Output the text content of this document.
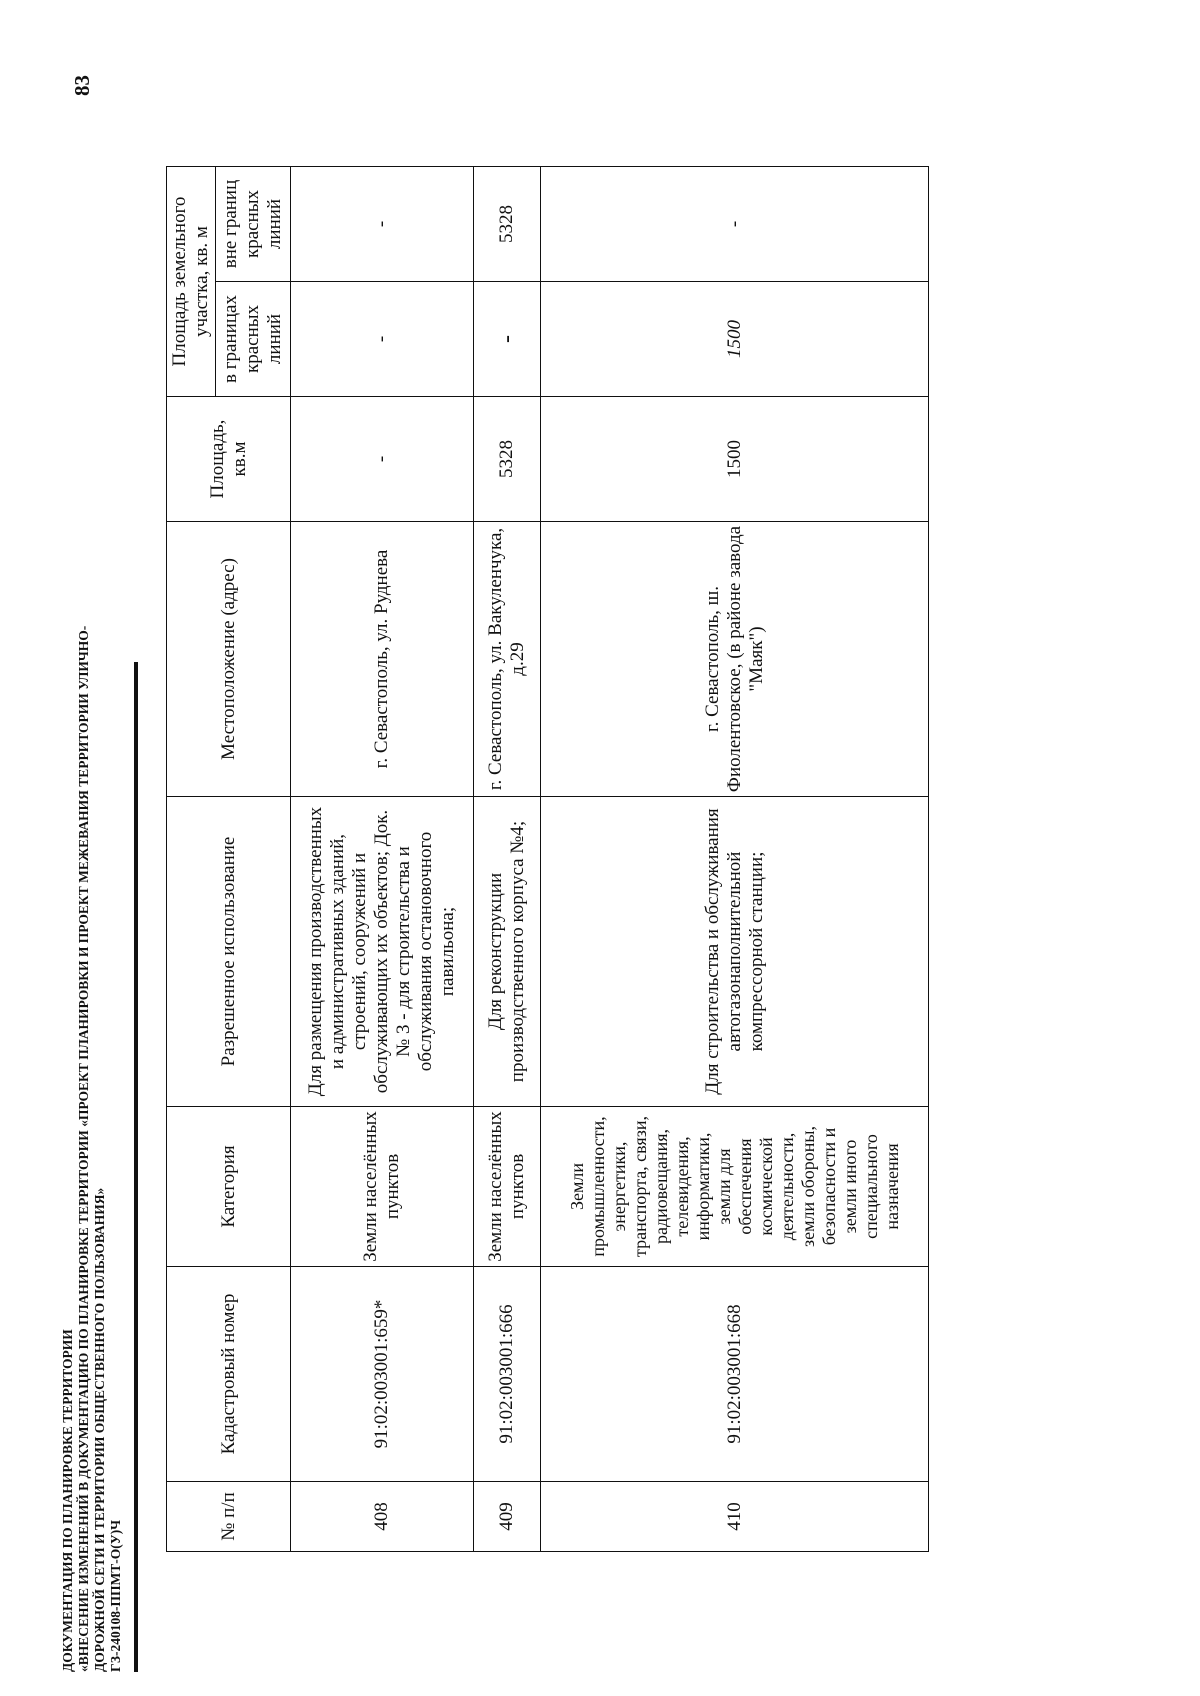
83
ДОКУМЕНТАЦИЯ ПО ПЛАНИРОВКЕ ТЕРРИТОРИИ «ВНЕСЕНИЕ ИЗМЕНЕНИЙ В ДОКУМЕНТАЦИЮ ПО ПЛАНИРОВКЕ ТЕРРИТОРИИ «ПРОЕКТ ПЛАНИРОВКИ И ПРОЕКТ МЕЖЕВАНИЯ ТЕРРИТОРИИ УЛИЧНО- ДОРОЖНОЙ СЕТИ И ТЕРРИТОРИИ ОБЩЕСТВЕННОГО ПОЛЬЗОВАНИЯ» ГЗ-240108-ППМТ-О(У)Ч
№ п/п	Кадастровый номер	Категория	Разрешенное использование	Местоположение (адрес)	Площадь, кв.м	Площадь земельного участка, кв. м	
						в границах красных линий	вне границ красных линий
408	91:02:003001:659*	Земли населённых пунктов	Для размещения производственных и административных зданий, строений, сооружений и обслуживающих их объектов; Док. № 3 - для строительства и обслуживания остановочного павильона;	г. Севастополь, ул. Руднева	-	-	-
409	91:02:003001:666	Земли населённых пунктов	Для реконструкции производственного корпуса №4;	г. Севастополь, ул. Вакуленчука, д.29	5328	-	5328
410	91:02:003001:668	Земли промышленности, энергетики, транспорта, связи, радиовещания, телевидения, информатики, земли для обеспечения космической деятельности, земли обороны, безопасности и земли иного специального назначения	Для строительства и обслуживания автогазонаполнительной компрессорной станции;	г. Севастополь, ш. Фиолентовское, (в районе завода "Маяк")	1500	1500	-
